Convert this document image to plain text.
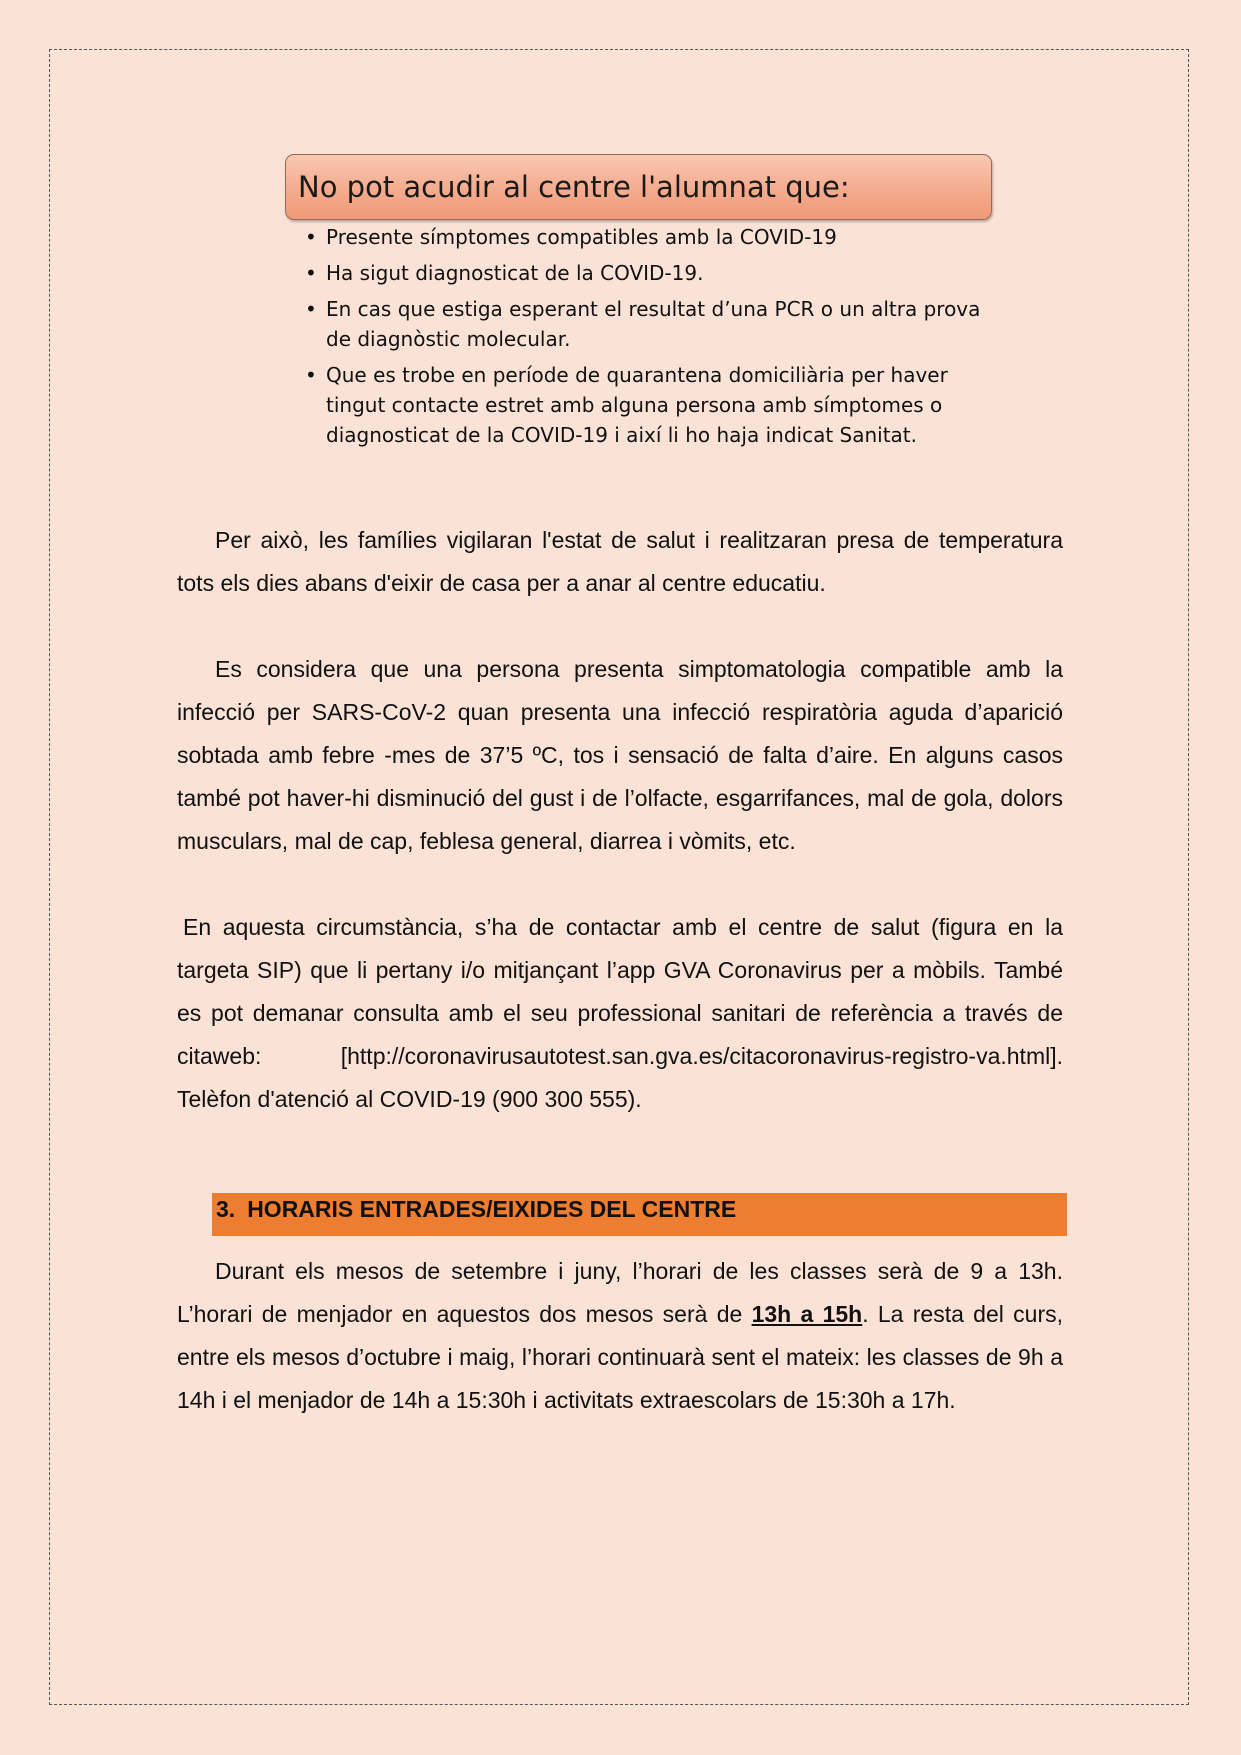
No pot acudir al centre l'alumnat que:
• Presente símptomes compatibles amb la COVID-19
• Ha sigut diagnosticat de la COVID-19.
• En cas que estiga esperant el resultat d’una PCR o un altra prova de diagnòstic molecular.
• Que es trobe en període de quarantena domiciliària per haver tingut contacte estret amb alguna persona amb símptomes o diagnosticat de la COVID-19 i així li ho haja indicat Sanitat.

Per això, les famílies vigilaran l'estat de salut i realitzaran presa de temperatura tots els dies abans d'eixir de casa per a anar al centre educatiu.

Es considera que una persona presenta simptomatologia compatible amb la infecció per SARS-CoV-2 quan presenta una infecció respiratòria aguda d’aparició sobtada amb febre -mes de 37’5 ºC, tos i sensació de falta d’aire. En alguns casos també pot haver-hi disminució del gust i de l’olfacte, esgarrifances, mal de gola, dolors musculars, mal de cap, feblesa general, diarrea i vòmits, etc.

En aquesta circumstància, s’ha de contactar amb el centre de salut (figura en la targeta SIP) que li pertany i/o mitjançant l’app GVA Coronavirus per a mòbils. També es pot demanar consulta amb el seu professional sanitari de referència a través de citaweb: [http://coronavirusautotest.san.gva.es/citacoronavirus-registro-va.html]. Telèfon d'atenció al COVID-19 (900 300 555).

3. HORARIS ENTRADES/EIXIDES DEL CENTRE

Durant els mesos de setembre i juny, l’horari de les classes serà de 9 a 13h. L’horari de menjador en aquestos dos mesos serà de 13h a 15h. La resta del curs, entre els mesos d’octubre i maig, l’horari continuarà sent el mateix: les classes de 9h a 14h i el menjador de 14h a 15:30h i activitats extraescolars de 15:30h a 17h.
